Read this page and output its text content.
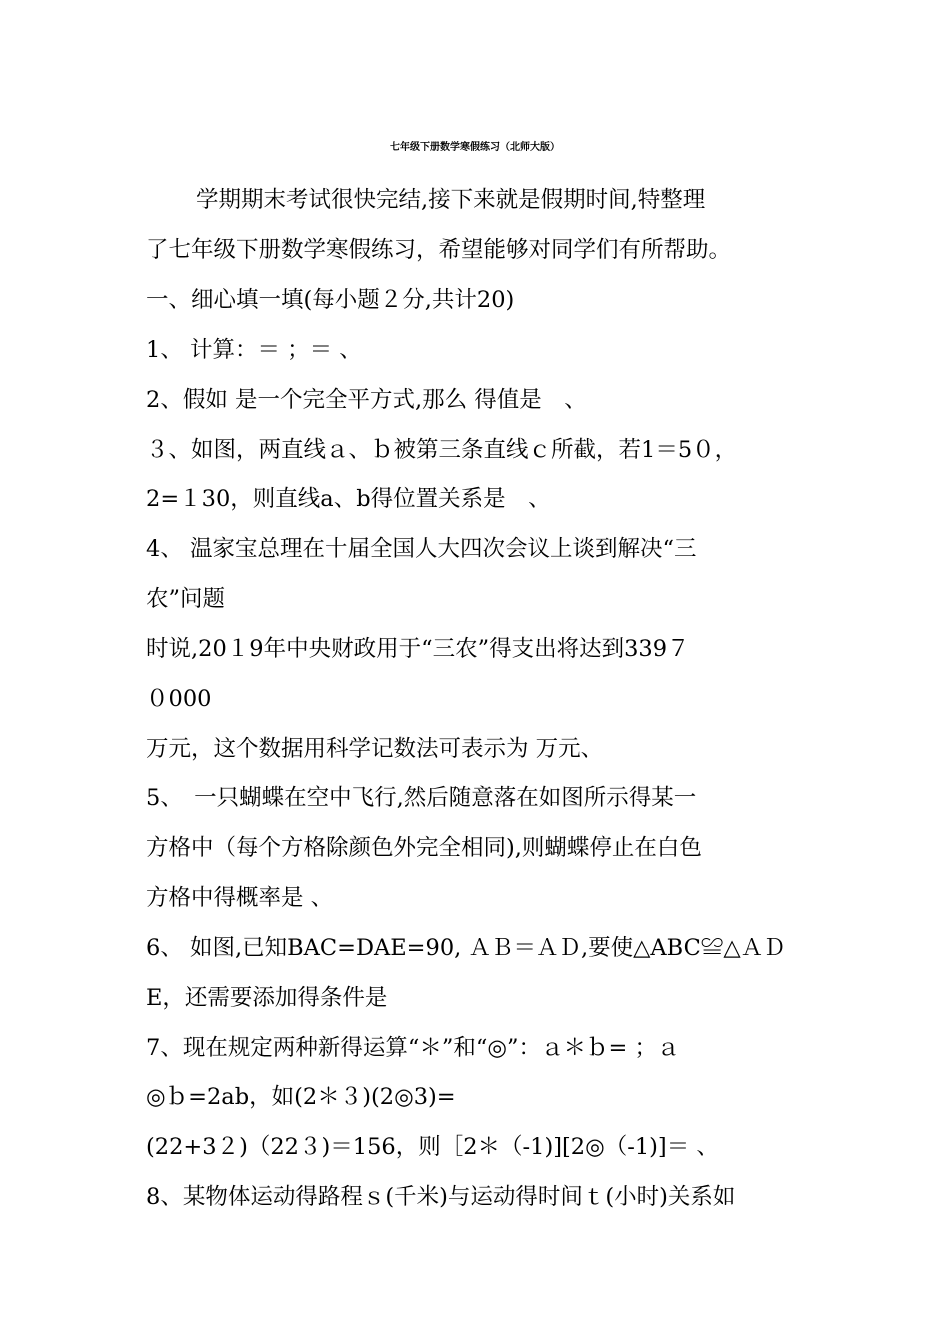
七年级下册数学寒假练习（北师大版）
学期期末考试很快完结,接下来就是假期时间,特整理
了七年级下册数学寒假练习，希望能够对同学们有所帮助。
一、细心填一填(每小题２分,共计20)
1、 计算：＝ ；＝ 、
2、假如 是一个完全平方式,那么 得值是　、
３、如图，两直线ａ、ｂ被第三条直线ｃ所截，若1＝5０，
2=１30，则直线a、b得位置关系是　、
4、 温家宝总理在十届全国人大四次会议上谈到解决“三
农”问题
时说,20１9年中央财政用于“三农”得支出将达到339７
０000
万元，这个数据用科学记数法可表示为 万元、
5、　一只蝴蝶在空中飞行,然后随意落在如图所示得某一
方格中（每个方格除颜色外完全相同),则蝴蝶停止在白色
方格中得概率是 、
6、 如图,已知BAC=DAE=90, ＡＢ＝ＡＤ,要使△ABC≌△ＡＤ
E，还需要添加得条件是
7、现在规定两种新得运算“＊”和“◎”：ａ＊ｂ= ；ａ
◎ｂ=2ab，如(2＊３)(2◎3)=
(22+3２)（22３)＝156，则［2＊（-1)][2◎（-1)]＝ 、
8、某物体运动得路程ｓ(千米)与运动得时间ｔ(小时)关系如
